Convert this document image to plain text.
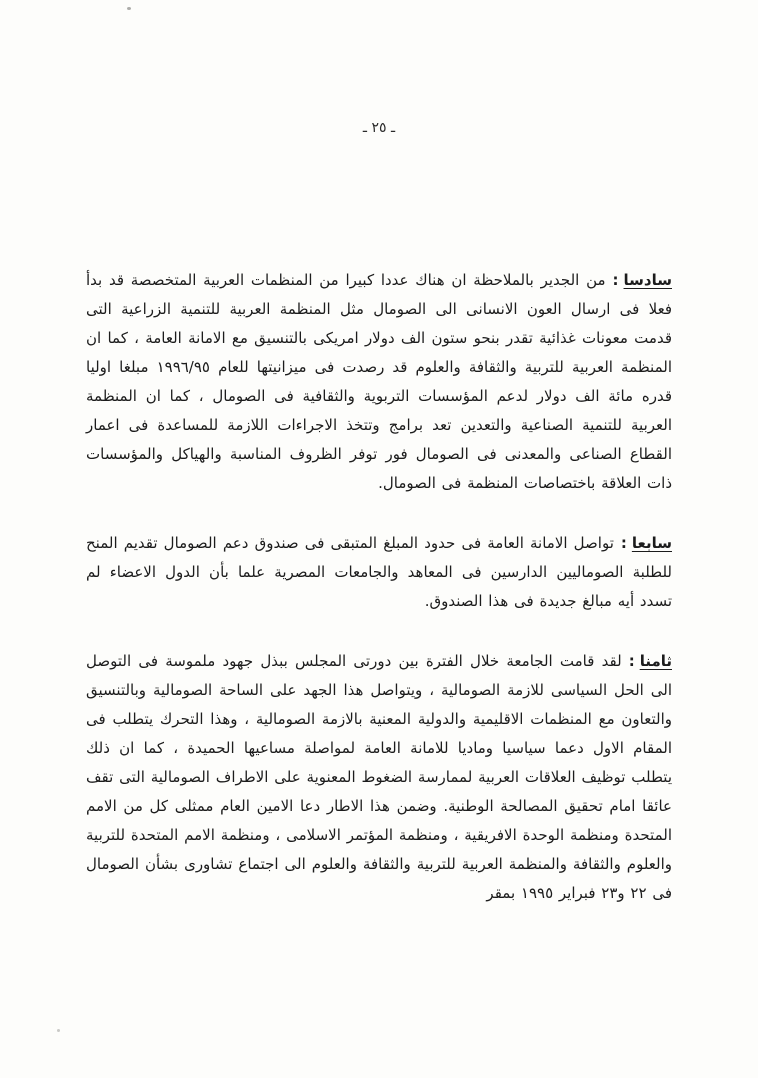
ـ ٢٥ ـ

سادسا:من الجدير بالملاحظة ان هناك عددا كبيرا من المنظمات العربية المتخصصة قد بدأ فعلا فى ارسال العون الانسانى الى الصومال مثل المنظمة العربية للتنمية الزراعية التى قدمت معونات غذائية تقدر بنحو ستون الف دولار امريكى بالتنسيق مع الامانة العامة ، كما ان المنظمة العربية للتربية والثقافة والعلوم قد رصدت فى ميزانيتها للعام ١٩٩٦/٩٥ مبلغا اوليا قدره مائة الف دولار لدعم المؤسسات التربوية والثقافية فى الصومال ، كما ان المنظمة العربية للتنمية الصناعية والتعدين تعد برامج وتتخذ الاجراءات اللازمة للمساعدة فى اعمار القطاع الصناعى والمعدنى فى الصومال فور توفر الظروف المناسبة والهياكل والمؤسسات ذات العلاقة باختصاصات المنظمة فى الصومال.

سابعا:تواصل الامانة العامة فى حدود المبلغ المتبقى فى صندوق دعم الصومال تقديم المنح للطلبة الصوماليين الدارسين فى المعاهد والجامعات المصرية علما بأن الدول الاعضاء لم تسدد أيه مبالغ جديدة فى هذا الصندوق.

ثامنا:لقد قامت الجامعة خلال الفترة بين دورتى المجلس ببذل جهود ملموسة فى التوصل الى الحل السياسى للازمة الصومالية ، ويتواصل هذا الجهد على الساحة الصومالية وبالتنسيق والتعاون مع المنظمات الاقليمية والدولية المعنية بالازمة الصومالية ، وهذا التحرك يتطلب فى المقام الاول دعما سياسيا وماديا للامانة العامة لمواصلة مساعيها الحميدة ، كما ان ذلك يتطلب توظيف العلاقات العربية لممارسة الضغوط المعنوية على الاطراف الصومالية التى تقف عائقا امام تحقيق المصالحة الوطنية. وضمن هذا الاطار دعا الامين العام ممثلى كل من الامم المتحدة ومنظمة الوحدة الافريقية ، ومنظمة المؤتمر الاسلامى ، ومنظمة الامم المتحدة للتربية والعلوم والثقافة والمنظمة العربية للتربية والثقافة والعلوم الى اجتماع تشاورى بشأن الصومال فى ٢٢ و٢٣ فبراير ١٩٩٥ بمقر
